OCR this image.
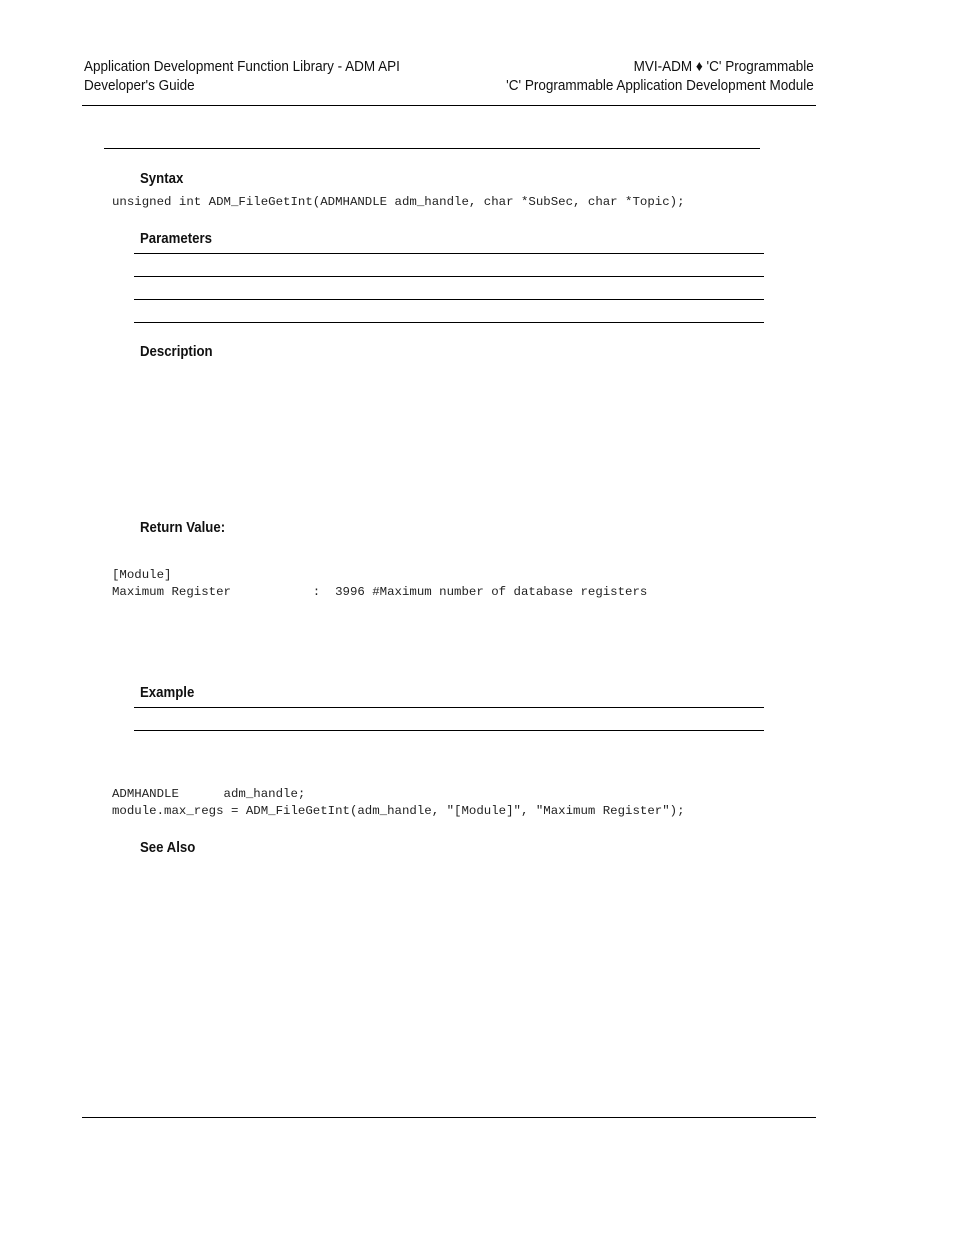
Application Development Function Library - ADM API
Developer's Guide
MVI-ADM ♦ 'C' Programmable
'C' Programmable Application Development Module
Syntax
unsigned int ADM_FileGetInt(ADMHANDLE adm_handle, char *SubSec, char *Topic);
Parameters
Description
Return Value:
[Module]
Maximum Register           :  3996 #Maximum number of database registers
Example
ADMHANDLE      adm_handle;
module.max_regs = ADM_FileGetInt(adm_handle, "[Module]", "Maximum Register");
See Also
